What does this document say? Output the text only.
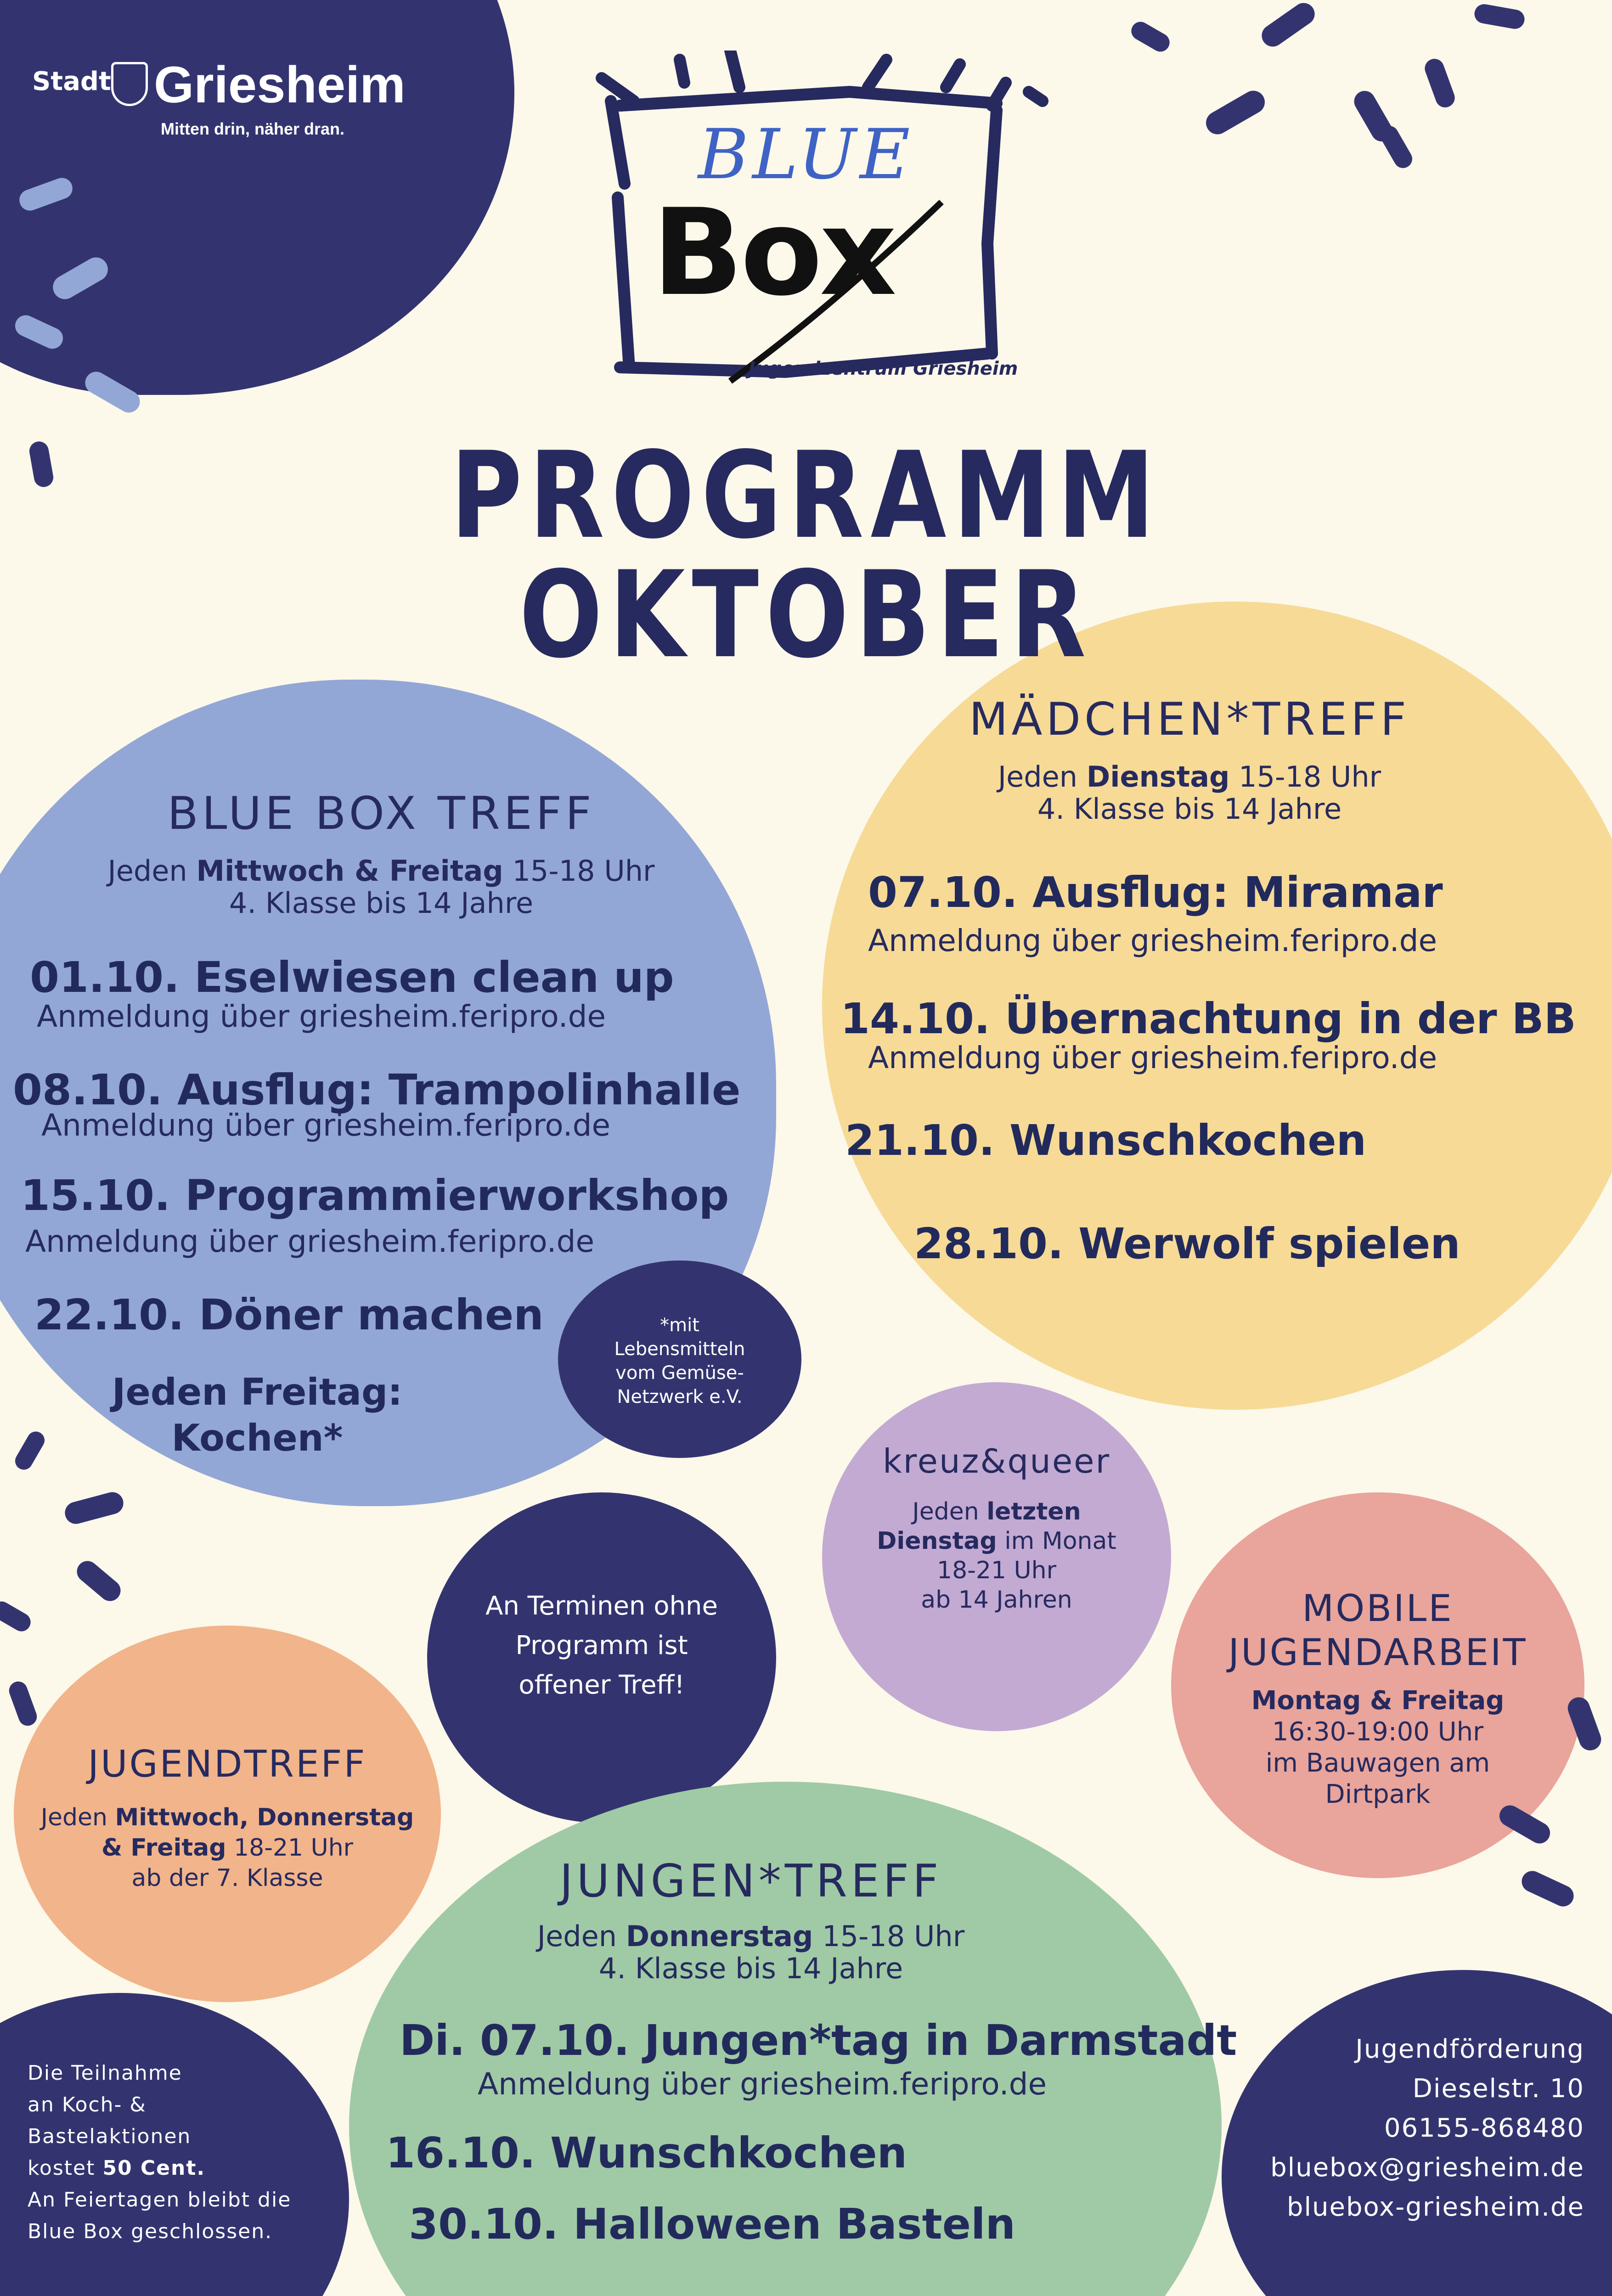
Stadt Griesheim
Mitten drin, näher dran.	BLUE
Box
Jugendzentrum Griesheim
PROGRAMM OKTOBER
BLUE BOX TREFF
Jeden Mittwoch & Freitag 15-18 Uhr
4. Klasse bis 14 Jahre
01.10. Eselwiesen clean up
Anmeldung über griesheim.feripro.de
08.10. Ausflug: Trampolinhalle
Anmeldung über griesheim.feripro.de
15.10. Programmierworkshop
Anmeldung über griesheim.feripro.de
22.10. Döner machen
Jeden Freitag:
Kochen*
*mit
Lebensmitteln
vom Gemüse-
Netzwerk e.V.
MÄDCHEN*TREFF
Jeden Dienstag 15-18 Uhr
4. Klasse bis 14 Jahre
07.10. Ausflug: Miramar
Anmeldung über griesheim.feripro.de
14.10. Übernachtung in der BB
Anmeldung über griesheim.feripro.de
21.10. Wunschkochen
28.10. Werwolf spielen
kreuz&queer
Jeden letzten
Dienstag im Monat
18-21 Uhr
ab 14 Jahren
An Terminen ohne
Programm ist
offener Treff!
MOBILE
JUGENDARBEIT
Montag & Freitag
16:30-19:00 Uhr
im Bauwagen am
Dirtpark
JUGENDTREFF
Jeden Mittwoch, Donnerstag
& Freitag 18-21 Uhr
ab der 7. Klasse	JUNGEN*TREFF
Jeden Donnerstag 15-18 Uhr
4. Klasse bis 14 Jahre
Di. 07.10. Jungen*tag in Darmstadt
Anmeldung über griesheim.feripro.de
16.10. Wunschkochen
30.10. Halloween Basteln
Die Teilnahme
an Koch- &
Bastelaktionen
kostet 50 Cent.
An Feiertagen bleibt die
Blue Box geschlossen.
Jugendförderung
Dieselstr. 10
06155-868480
bluebox@griesheim.de
bluebox-griesheim.de
